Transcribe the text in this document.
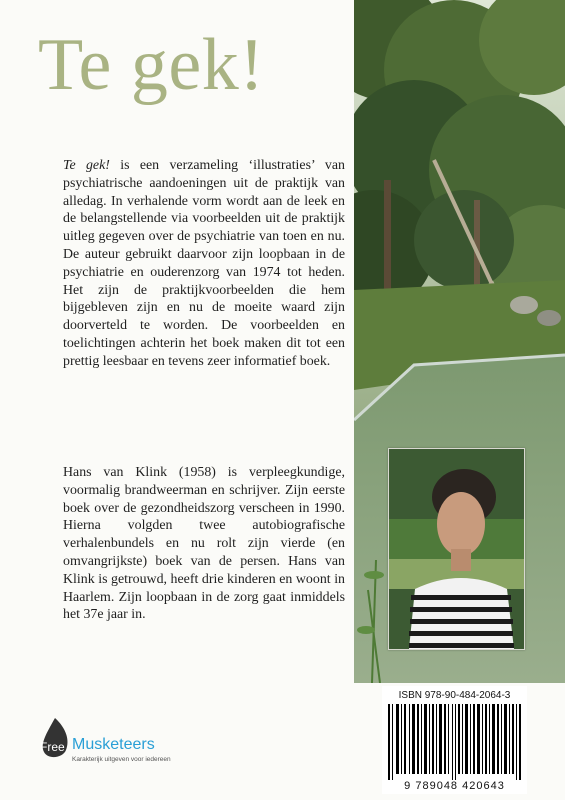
Te gek!
Te gek! is een verzameling ‘illustraties’ van psychiatrische aandoeningen uit de praktijk van alledag. In verhalende vorm wordt aan de leek en de belangstellende via voorbeelden uit de praktijk uitleg gegeven over de psychiatrie van toen en nu. De auteur gebruikt daarvoor zijn loopbaan in de psychiatrie en ouderenzorg van 1974 tot heden. Het zijn de praktijkvoorbeelden die hem bijgebleven zijn en nu de moeite waard zijn doorverteld te worden. De voorbeelden en toelichtingen achterin het boek maken dit tot een prettig leesbaar en tevens zeer informatief boek.
Hans van Klink (1958) is verpleegkundige, voormalig brandweerman en schrijver. Zijn eerste boek over de gezondheidszorg verscheen in 1990. Hierna volgden twee autobiografische verhalenbundels en nu rolt zijn vierde (en omvangrijkste) boek van de persen. Hans van Klink is getrouwd, heeft drie kinderen en woont in Haarlem. Zijn loopbaan in de zorg gaat inmiddels het 37e jaar in.
ISBN 978-90-484-2064-3
9 789048 420643
Free Musketeers
Karakterijk uitgeven voor iedereen
